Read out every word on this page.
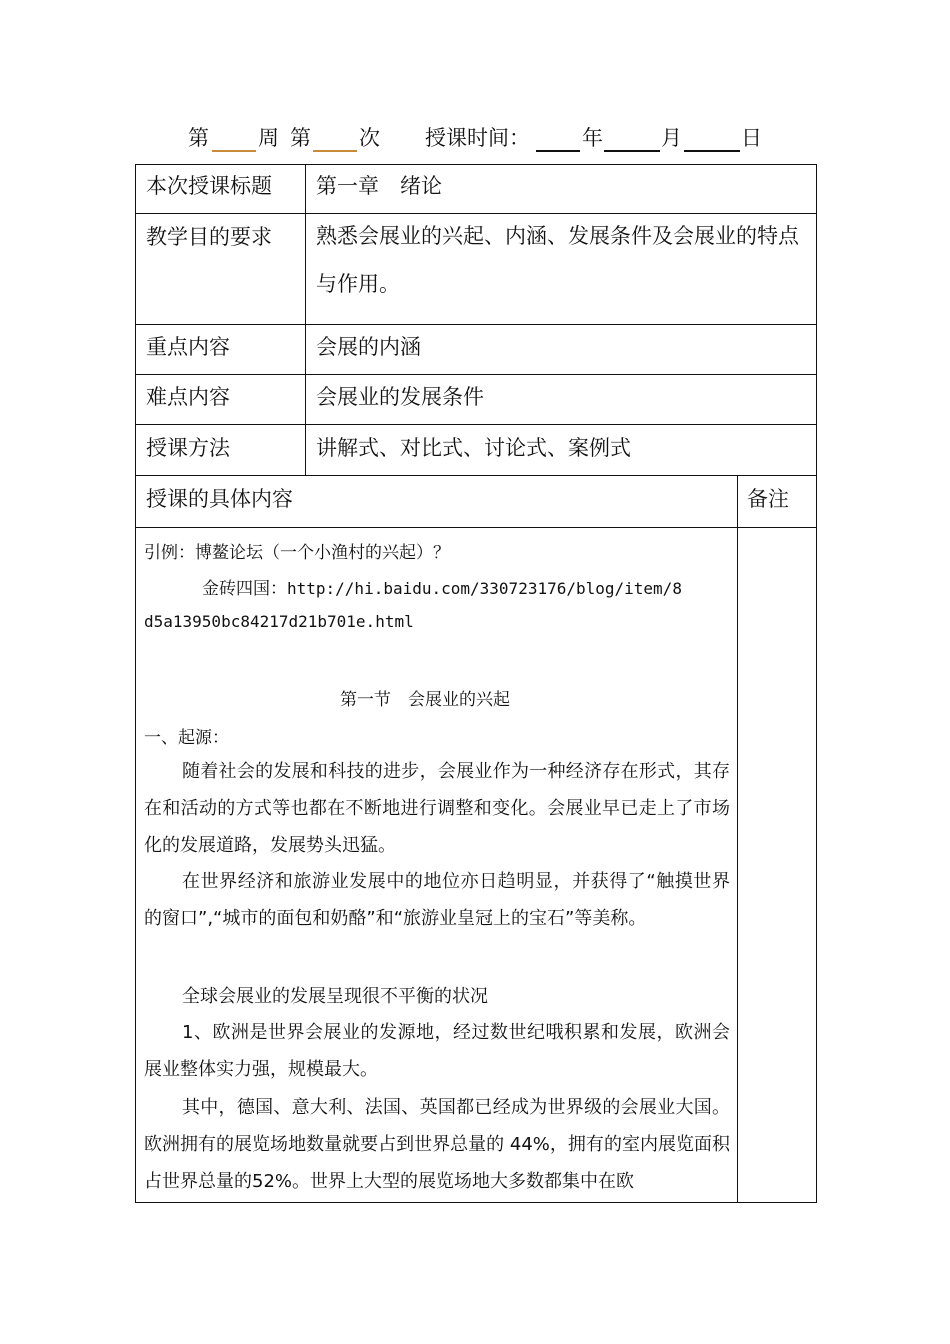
第 周 第 次 授课时间： 年	月	日
本次授课标题 第一章　绪论
教学目的要求 熟悉会展业的兴起、内涵、发展条件及会展业的特点与作用。
重点内容	会展的内涵
难点内容	会展业的发展条件
授课方法	讲解式、对比式、讨论式、案例式
授课的具体内容	备注
引例：博鳌论坛（一个小渔村的兴起）？
金砖四国：http://hi.baidu.com/330723176/blog/item/8
d5a13950bc84217d21b701e.html
第一节　会展业的兴起
一、起源：
随着社会的发展和科技的进步，会展业作为一种经济存在形式，其存在和活动的方式等也都在不断地进行调整和变化。会展业早已走上了市场化的发展道路，发展势头迅猛。
在世界经济和旅游业发展中的地位亦日趋明显，并获得了“触摸世界的窗口”,“城市的面包和奶酪”和“旅游业皇冠上的宝石”等美称。
全球会展业的发展呈现很不平衡的状况
1、欧洲是世界会展业的发源地，经过数世纪哦积累和发展，欧洲会展业整体实力强，规模最大。
其中，德国、意大利、法国、英国都已经成为世界级的会展业大国。欧洲拥有的展览场地数量就要占到世界总量的 44%，拥有的室内展览面积占世界总量的52%。世界上大型的展览场地大多数都集中在欧
